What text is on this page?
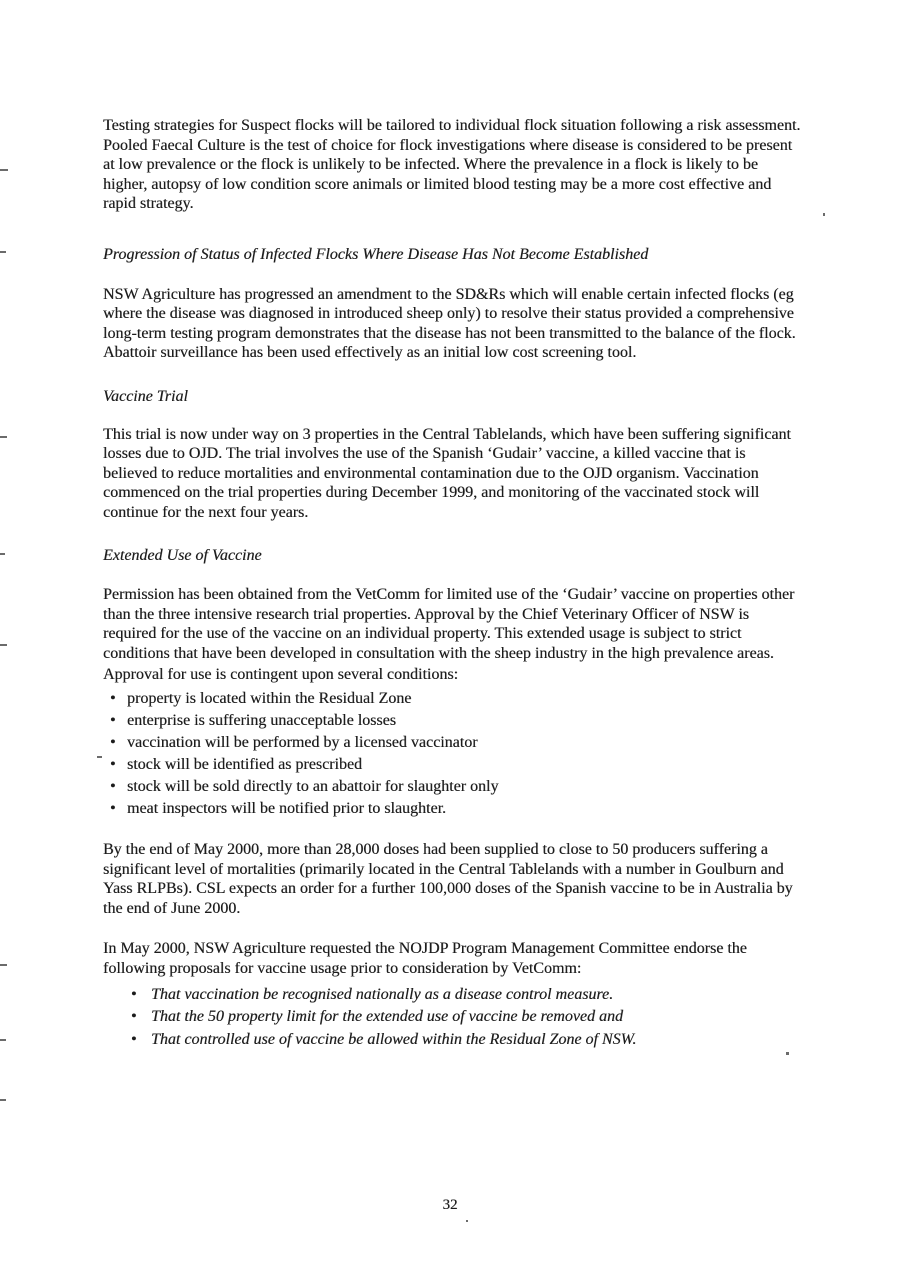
Testing strategies for Suspect flocks will be tailored to individual flock situation following a risk assessment. Pooled Faecal Culture is the test of choice for flock investigations where disease is considered to be present at low prevalence or the flock is unlikely to be infected. Where the prevalence in a flock is likely to be higher, autopsy of low condition score animals or limited blood testing may be a more cost effective and rapid strategy.

Progression of Status of Infected Flocks Where Disease Has Not Become Established

NSW Agriculture has progressed an amendment to the SD&Rs which will enable certain infected flocks (eg where the disease was diagnosed in introduced sheep only) to resolve their status provided a comprehensive long-term testing program demonstrates that the disease has not been transmitted to the balance of the flock. Abattoir surveillance has been used effectively as an initial low cost screening tool.

Vaccine Trial

This trial is now under way on 3 properties in the Central Tablelands, which have been suffering significant losses due to OJD. The trial involves the use of the Spanish ‘Gudair’ vaccine, a killed vaccine that is believed to reduce mortalities and environmental contamination due to the OJD organism. Vaccination commenced on the trial properties during December 1999, and monitoring of the vaccinated stock will continue for the next four years.

Extended Use of Vaccine

Permission has been obtained from the VetComm for limited use of the ‘Gudair’ vaccine on properties other than the three intensive research trial properties. Approval by the Chief Veterinary Officer of NSW is required for the use of the vaccine on an individual property. This extended usage is subject to strict conditions that have been developed in consultation with the sheep industry in the high prevalence areas.

Approval for use is contingent upon several conditions:

• property is located within the Residual Zone
• enterprise is suffering unacceptable losses
• vaccination will be performed by a licensed vaccinator
• stock will be identified as prescribed
• stock will be sold directly to an abattoir for slaughter only
• meat inspectors will be notified prior to slaughter.

By the end of May 2000, more than 28,000 doses had been supplied to close to 50 producers suffering a significant level of mortalities (primarily located in the Central Tablelands with a number in Goulburn and Yass RLPBs). CSL expects an order for a further 100,000 doses of the Spanish vaccine to be in Australia by the end of June 2000.

In May 2000, NSW Agriculture requested the NOJDP Program Management Committee endorse the following proposals for vaccine usage prior to consideration by VetComm:

• That vaccination be recognised nationally as a disease control measure.
• That the 50 property limit for the extended use of vaccine be removed and
• That controlled use of vaccine be allowed within the Residual Zone of NSW.
32
